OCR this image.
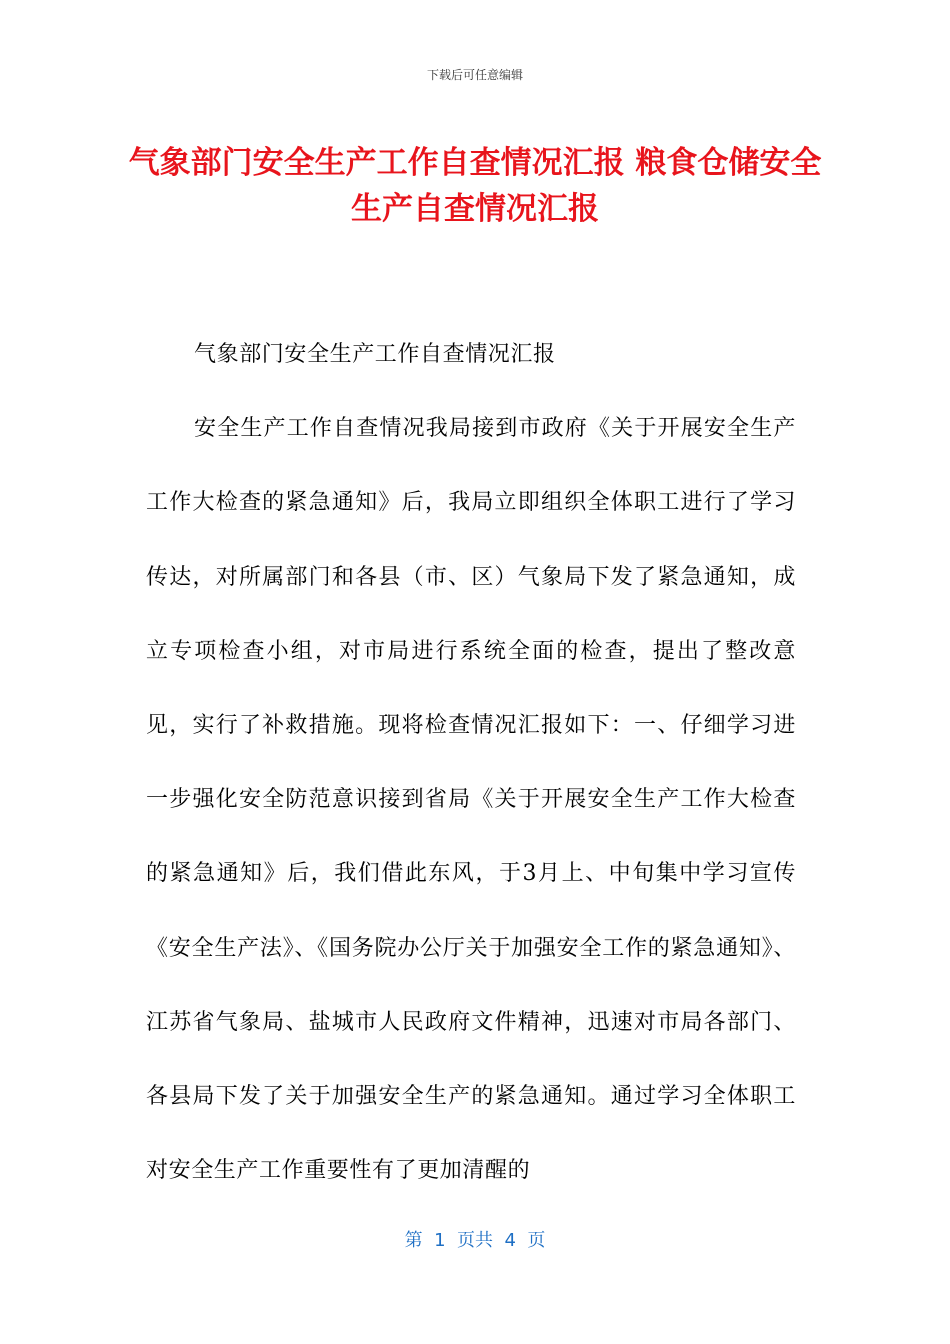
下载后可任意编辑
气象部门安全生产工作自查情况汇报 粮食仓储安全生产自查情况汇报

气象部门安全生产工作自查情况汇报

安全生产工作自查情况我局接到市政府《关于开展安全生产工作大检查的紧急通知》后，我局立即组织全体职工进行了学习传达，对所属部门和各县（市、区）气象局下发了紧急通知，成立专项检查小组，对市局进行系统全面的检查，提出了整改意见，实行了补救措施。现将检查情况汇报如下：一、仔细学习进一步强化安全防范意识接到省局《关于开展安全生产工作大检查的紧急通知》后，我们借此东风，于3月上、中旬集中学习宣传《安全生产法》、《国务院办公厅关于加强安全工作的紧急通知》、江苏省气象局、盐城市人民政府文件精神，迅速对市局各部门、各县局下发了关于加强安全生产的紧急通知。通过学习全体职工对安全生产工作重要性有了更加清醒的

第  1  页共  4  页
